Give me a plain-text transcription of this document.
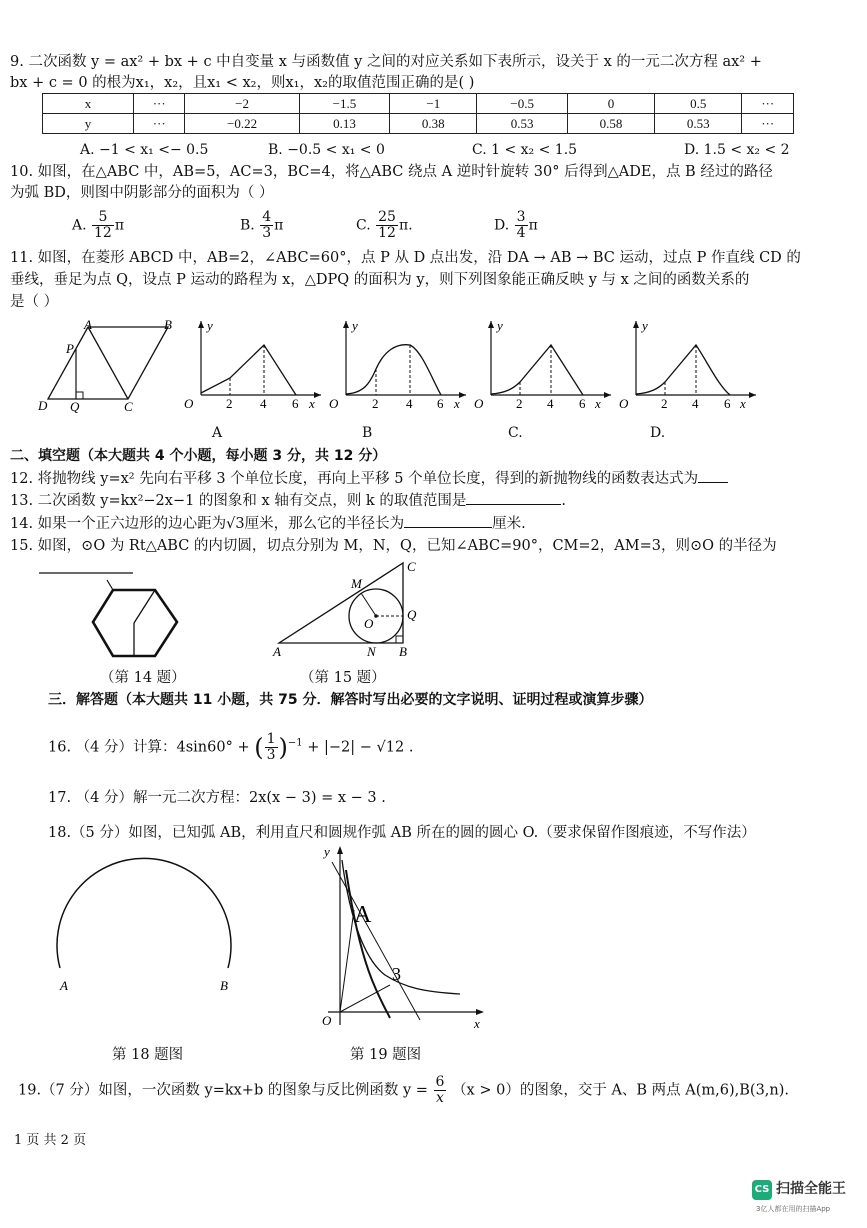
9. 二次函数 y = ax² + bx + c 中自变量 x 与函数值 y 之间的对应关系如下表所示，设关于 x 的一元二次方程 ax² +
bx + c = 0 的根为x₁，x₂，且x₁ < x₂，则x₁，x₂的取值范围正确的是( )
x	···	−2	−1.5	−1	−0.5	0	0.5	···
y	···	−0.22	0.13	0.38	0.53	0.58	0.53	···
A. −1 < x₁ <− 0.5	B. −0.5 < x₁ < 0	C. 1 < x₂ < 1.5	D. 1.5 < x₂ < 2
10. 如图，在△ABC 中，AB=5，AC=3，BC=4，将△ABC 绕点 A 逆时针旋转 30° 后得到△ADE，点 B 经过的路径
为弧 BD，则图中阴影部分的面积为（ ）
A. $\frac{5}{12}$ π	B. $\frac{4}{3}$ π	C. $\frac{25}{12} \pi$.	D. $\frac{3}{4}$ π
11. 如图，在菱形 ABCD 中，AB=2，∠ABC=60°，点 P 从 D 点出发，沿 DA → AB → BC 运动，过点 P 作直线 CD 的
垂线，垂足为点 Q，设点 P 运动的路程为 x，△DPQ 的面积为 y，则下列图象能正确反映 y 与 x 之间的函数关系的
是（ ）
A	B
P
D Q	C
y
x
O	2 4 6
y
x
O	2 4 6
y
x
O	2 4 6
y
x
O	2 4 6
A	B	C.	D.
二、填空题（本大题共 4 个小题，每小题 3 分，共 12 分）
12. 将抛物线 y=x² 先向右平移 3 个单位长度，再向上平移 5 个单位长度，得到的新抛物线的函数表达式为
13. 二次函数 y=kx²−2x−1 的图象和 x 轴有交点，则 k 的取值范围是	.
14. 如果一个正六边形的边心距为√3厘米，那么它的半径长为	厘米.
15. 如图，⊙O 为 Rt△ABC 的内切圆，切点分别为 M，N，Q，已知∠ABC=90°，CM=2，AM=3，则⊙O 的半径为
（第 14 题）
C
M
Q
O
A	N B
（第 15 题）
三．解答题（本大题共 11 小题，共 75 分．解答时写出必要的文字说明、证明过程或演算步骤）
16. （4 分）计算：4sin60° + ( $\frac{1}{3} )^{-1} + |-2| - √12$ .
17. （4 分）解一元二次方程：2x(x − 3) = x − 3 .
18.（5 分）如图，已知弧 AB，利用直尺和圆规作弧 AB 所在的圆的圆心 O.（要求保留作图痕迹，不写作法）
A	B
第 18 题图
y
x
O
A
3
第 19 题图
19.（7 分）如图，一次函数 y=kx+b 的图象与反比例函数 $y = \frac{6}{x} (x > 0)$的图象，交于 A、B 两点 A(m,6),B(3,n).
1 页 共 2 页
CS 扫描全能王
3亿人都在用的扫描App
